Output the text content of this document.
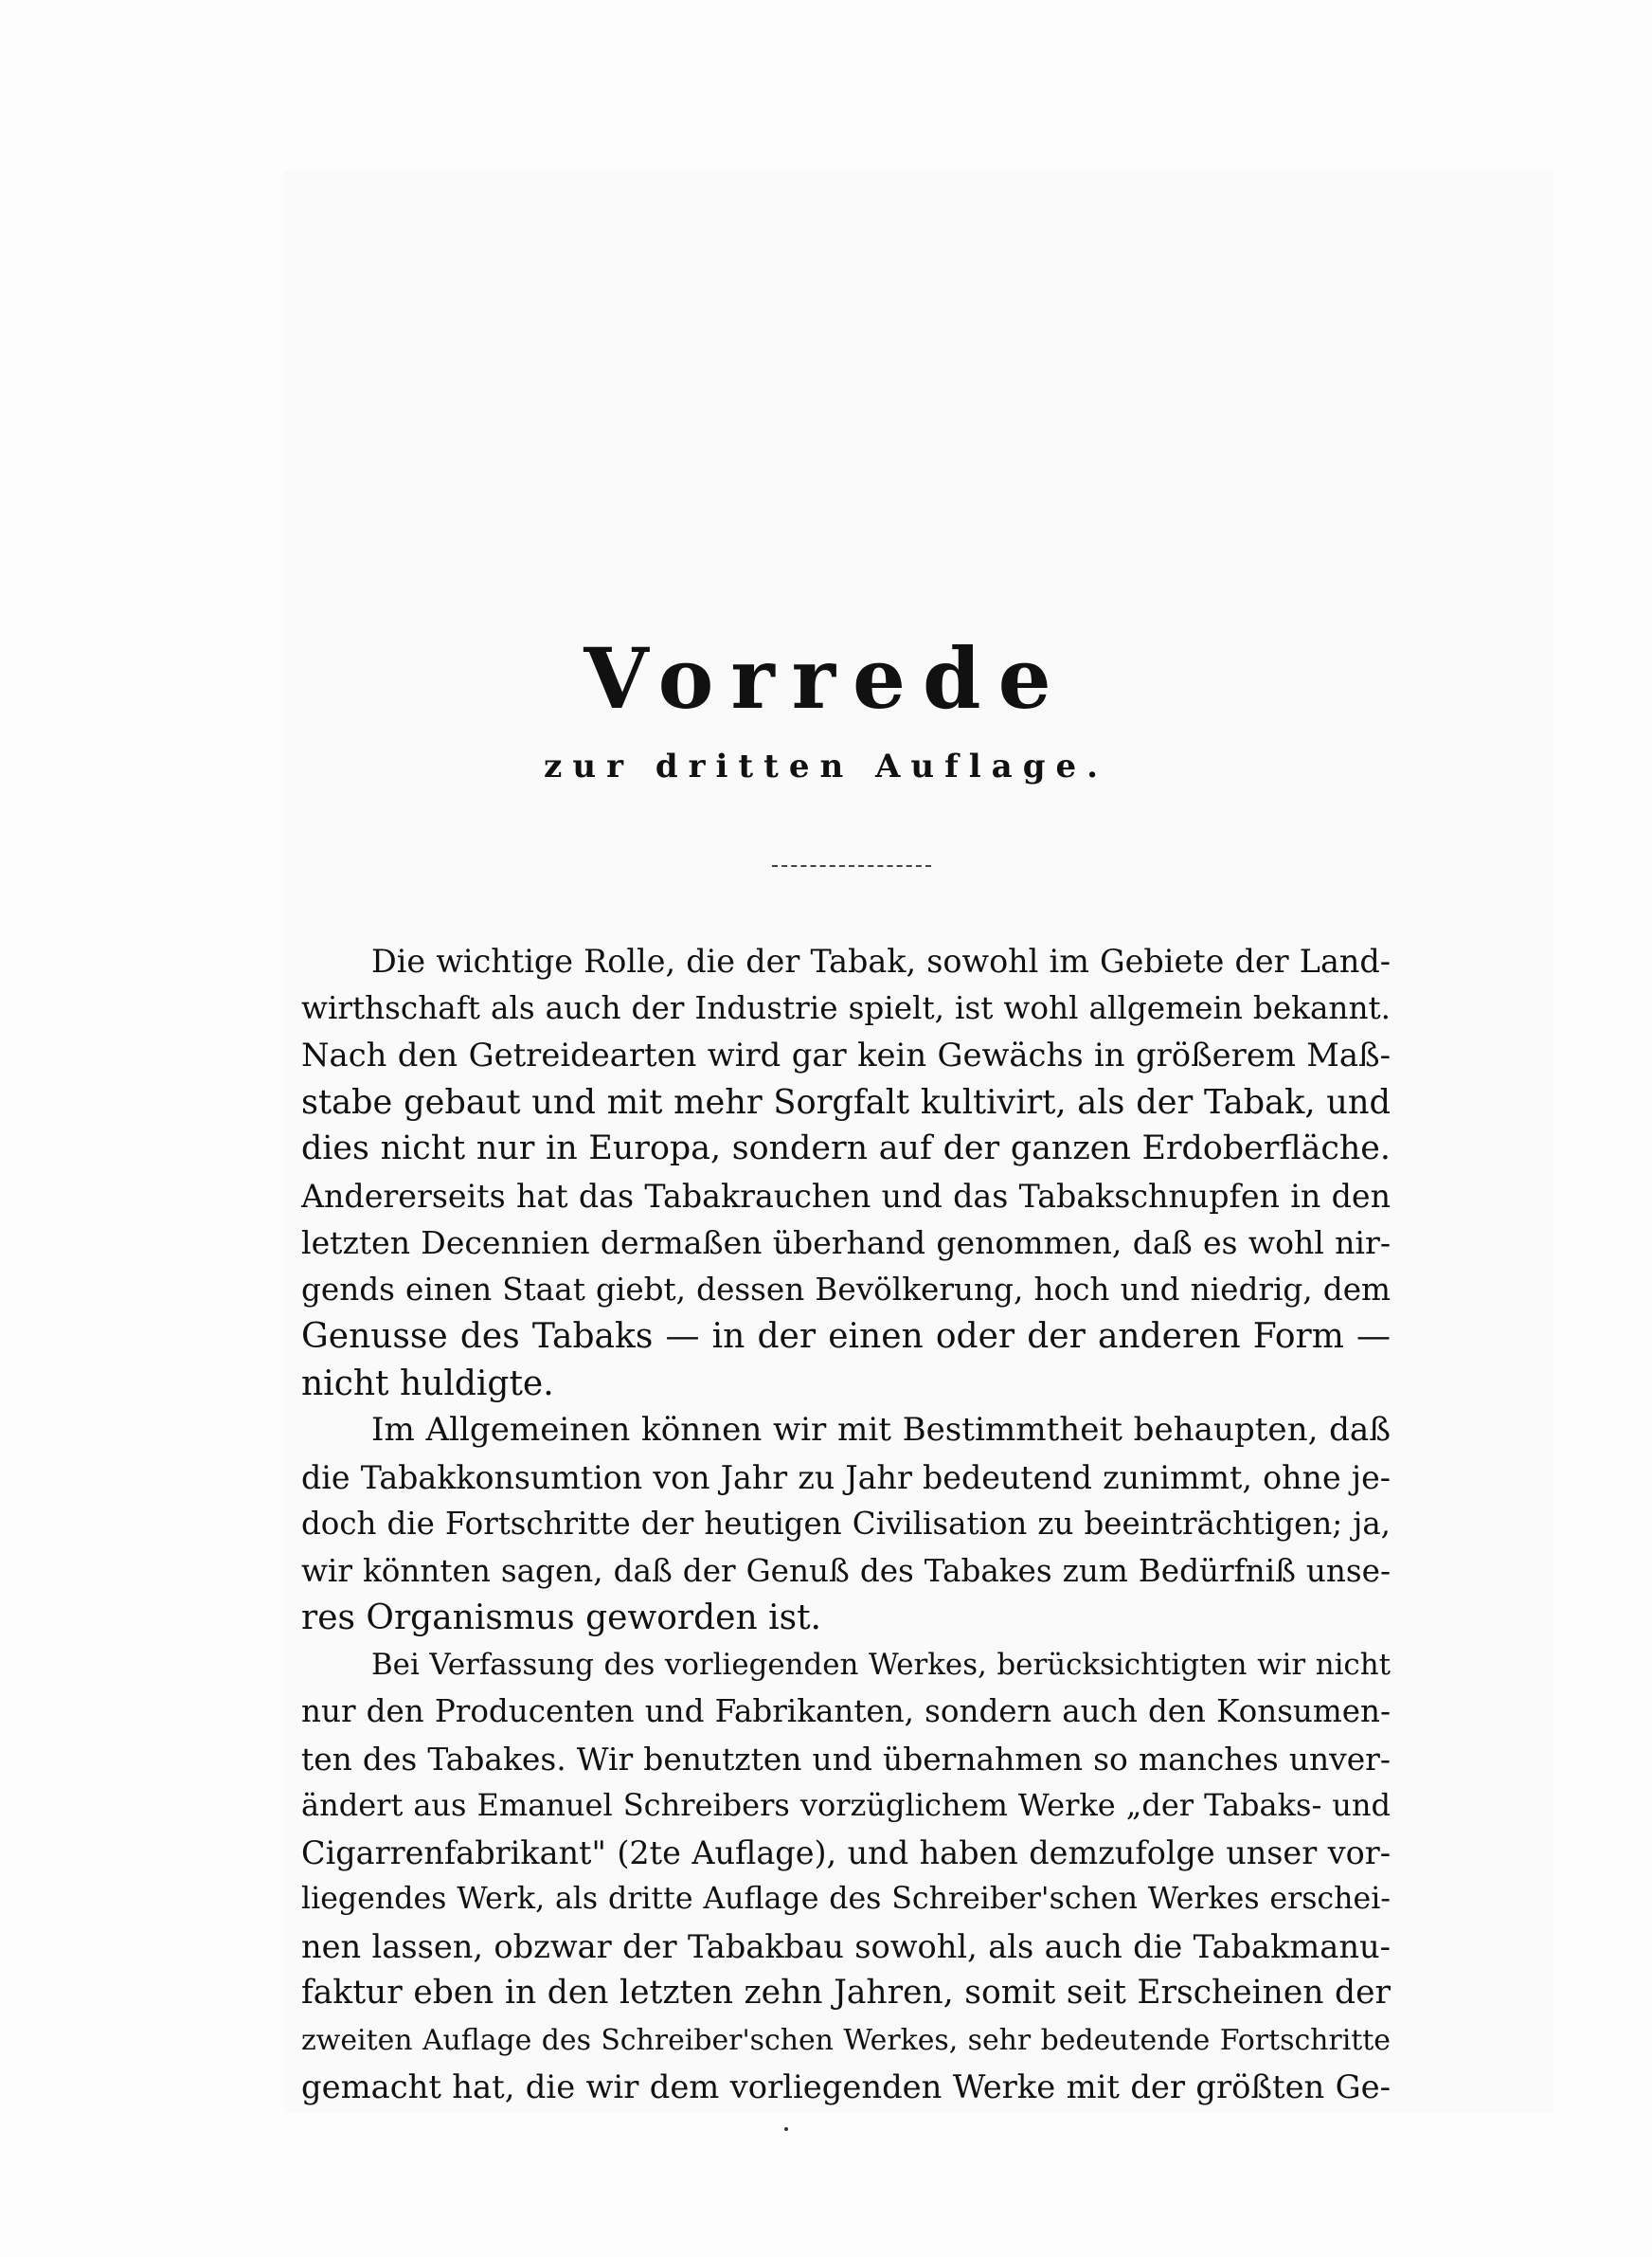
Vorrede
zur dritten Auflage.
Die wichtige Rolle, die der Tabak, sowohl im Gebiete der Land-
wirthschaft als auch der Industrie spielt, ist wohl allgemein bekannt.
Nach den Getreidearten wird gar kein Gewächs in größerem Maß-
stabe gebaut und mit mehr Sorgfalt kultivirt, als der Tabak, und
dies nicht nur in Europa, sondern auf der ganzen Erdoberfläche.
Andererseits hat das Tabakrauchen und das Tabakschnupfen in den
letzten Decennien dermaßen überhand genommen, daß es wohl nir-
gends einen Staat giebt, dessen Bevölkerung, hoch und niedrig, dem
Genusse des Tabaks — in der einen oder der anderen Form —
nicht huldigte.
Im Allgemeinen können wir mit Bestimmtheit behaupten, daß
die Tabakkonsumtion von Jahr zu Jahr bedeutend zunimmt, ohne je-
doch die Fortschritte der heutigen Civilisation zu beeinträchtigen; ja,
wir könnten sagen, daß der Genuß des Tabakes zum Bedürfniß unse-
res Organismus geworden ist.
Bei Verfassung des vorliegenden Werkes, berücksichtigten wir nicht
nur den Producenten und Fabrikanten, sondern auch den Konsumen-
ten des Tabakes. Wir benutzten und übernahmen so manches unver-
ändert aus Emanuel Schreibers vorzüglichem Werke „der Tabaks- und
Cigarrenfabrikant" (2te Auflage), und haben demzufolge unser vor-
liegendes Werk, als dritte Auflage des Schreiber'schen Werkes erschei-
nen lassen, obzwar der Tabakbau sowohl, als auch die Tabakmanu-
faktur eben in den letzten zehn Jahren, somit seit Erscheinen der
zweiten Auflage des Schreiber'schen Werkes, sehr bedeutende Fortschritte
gemacht hat, die wir dem vorliegenden Werke mit der größten Ge-
